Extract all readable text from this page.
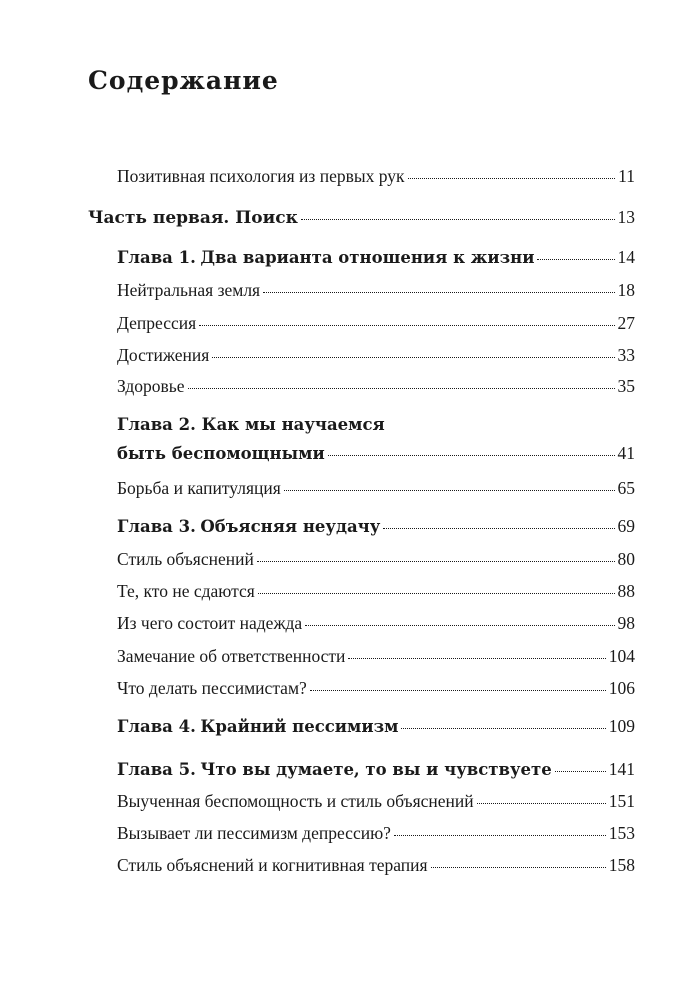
Содержание
Позитивная психология из первых рук	11
Часть первая. Поиск	13
Глава 1. Два варианта отношения к жизни	14
Нейтральная земля	18
Депрессия	27
Достижения	33
Здоровье	35
Глава 2. Как мы научаемся
быть беспомощными	41
Борьба и капитуляция	65
Глава 3. Объясняя неудачу	69
Стиль объяснений	80
Те, кто не сдаются	88
Из чего состоит надежда	98
Замечание об ответственности	104
Что делать пессимистам?	106
Глава 4. Крайний пессимизм	109
Глава 5. Что вы думаете, то вы и чувствуете	141
Выученная беспомощность и стиль объяснений	151
Вызывает ли пессимизм депрессию?	153
Стиль объяснений и когнитивная терапия	158
